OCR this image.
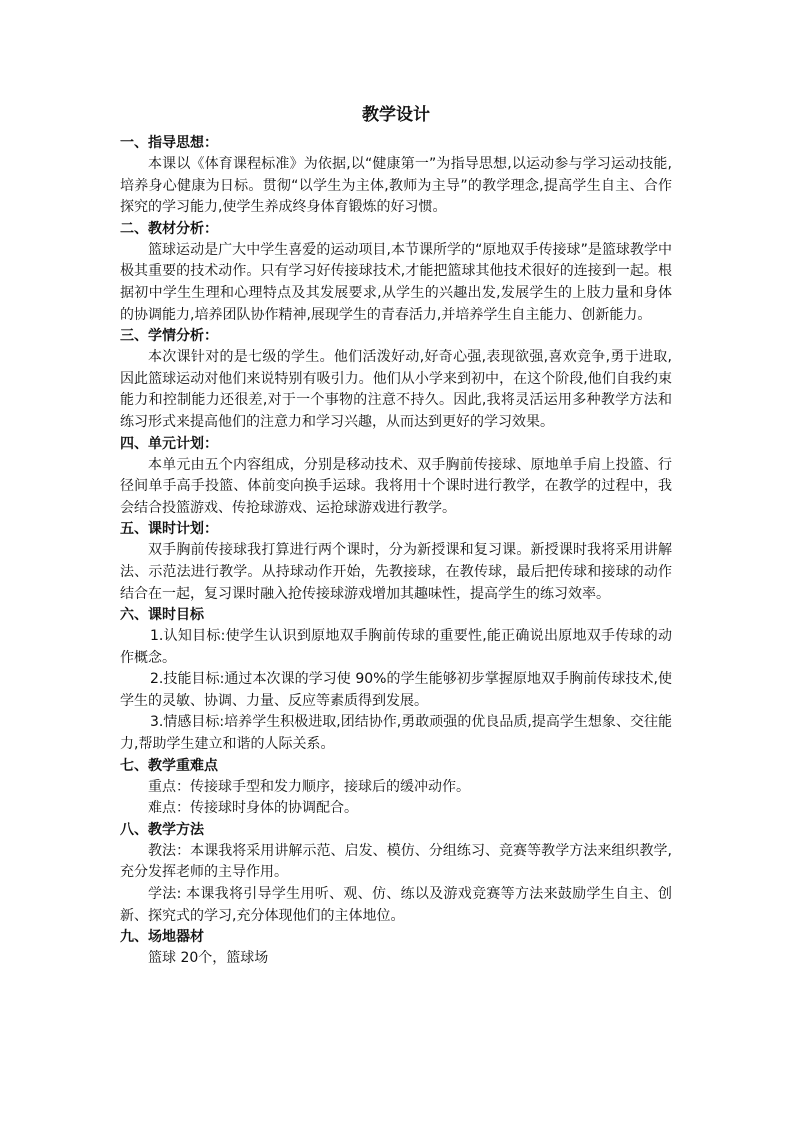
教学设计
一、指导思想：

本课以《体育课程标准》为依据,以“健康第一”为指导思想,以运动参与学习运动技能,培养身心健康为日标。贯彻“以学生为主体,教师为主导”的教学理念,提高学生自主、合作探究的学习能力,使学生养成终身体育锻炼的好习惯。

二、教材分析：

篮球运动是广大中学生喜爱的运动项目,本节课所学的“原地双手传接球”是篮球教学中极其重要的技术动作。只有学习好传接球技术,才能把篮球其他技术很好的连接到一起。根据初中学生生理和心理特点及其发展要求,从学生的兴趣出发,发展学生的上肢力量和身体的协调能力,培养团队协作精神,展现学生的青春活力,并培养学生自主能力、创新能力。

三、学情分析：

本次课针对的是七级的学生。他们活泼好动,好奇心强,表现欲强,喜欢竞争,勇于进取,因此篮球运动对他们来说特别有吸引力。他们从小学来到初中，在这个阶段,他们自我约束能力和控制能力还很差,对于一个事物的注意不持久。因此,我将灵活运用多种教学方法和练习形式来提高他们的注意力和学习兴趣，从而达到更好的学习效果。

四、单元计划：

本单元由五个内容组成，分别是移动技术、双手胸前传接球、原地单手肩上投篮、行径间单手高手投篮、体前变向换手运球。我将用十个课时进行教学，在教学的过程中，我会结合投篮游戏、传抢球游戏、运抢球游戏进行教学。

五、课时计划：

双手胸前传接球我打算进行两个课时，分为新授课和复习课。新授课时我将采用讲解法、示范法进行教学。从持球动作开始，先教接球，在教传球，最后把传球和接球的动作结合在一起，复习课时融入抢传接球游戏增加其趣味性，提高学生的练习效率。

六、课时目标

1.认知目标:使学生认识到原地双手胸前传球的重要性,能正确说出原地双手传球的动作概念。

2.技能目标:通过本次课的学习使 90%的学生能够初步掌握原地双手胸前传球技术,使学生的灵敏、协调、力量、反应等素质得到发展。

3.情感目标:培养学生积极进取,团结协作,勇敢顽强的优良品质,提高学生想象、交往能力,帮助学生建立和谐的人际关系。

七、教学重难点

重点：传接球手型和发力顺序，接球后的缓冲动作。

难点：传接球时身体的协调配合。

八、教学方法

教法：本课我将采用讲解示范、启发、模仿、分组练习、竞赛等教学方法来组织教学,充分发挥老师的主导作用。

学法: 本课我将引导学生用听、观、仿、练以及游戏竞赛等方法来鼓励学生自主、创新、探究式的学习,充分体现他们的主体地位。

九、场地器材

篮球 20个，篮球场
